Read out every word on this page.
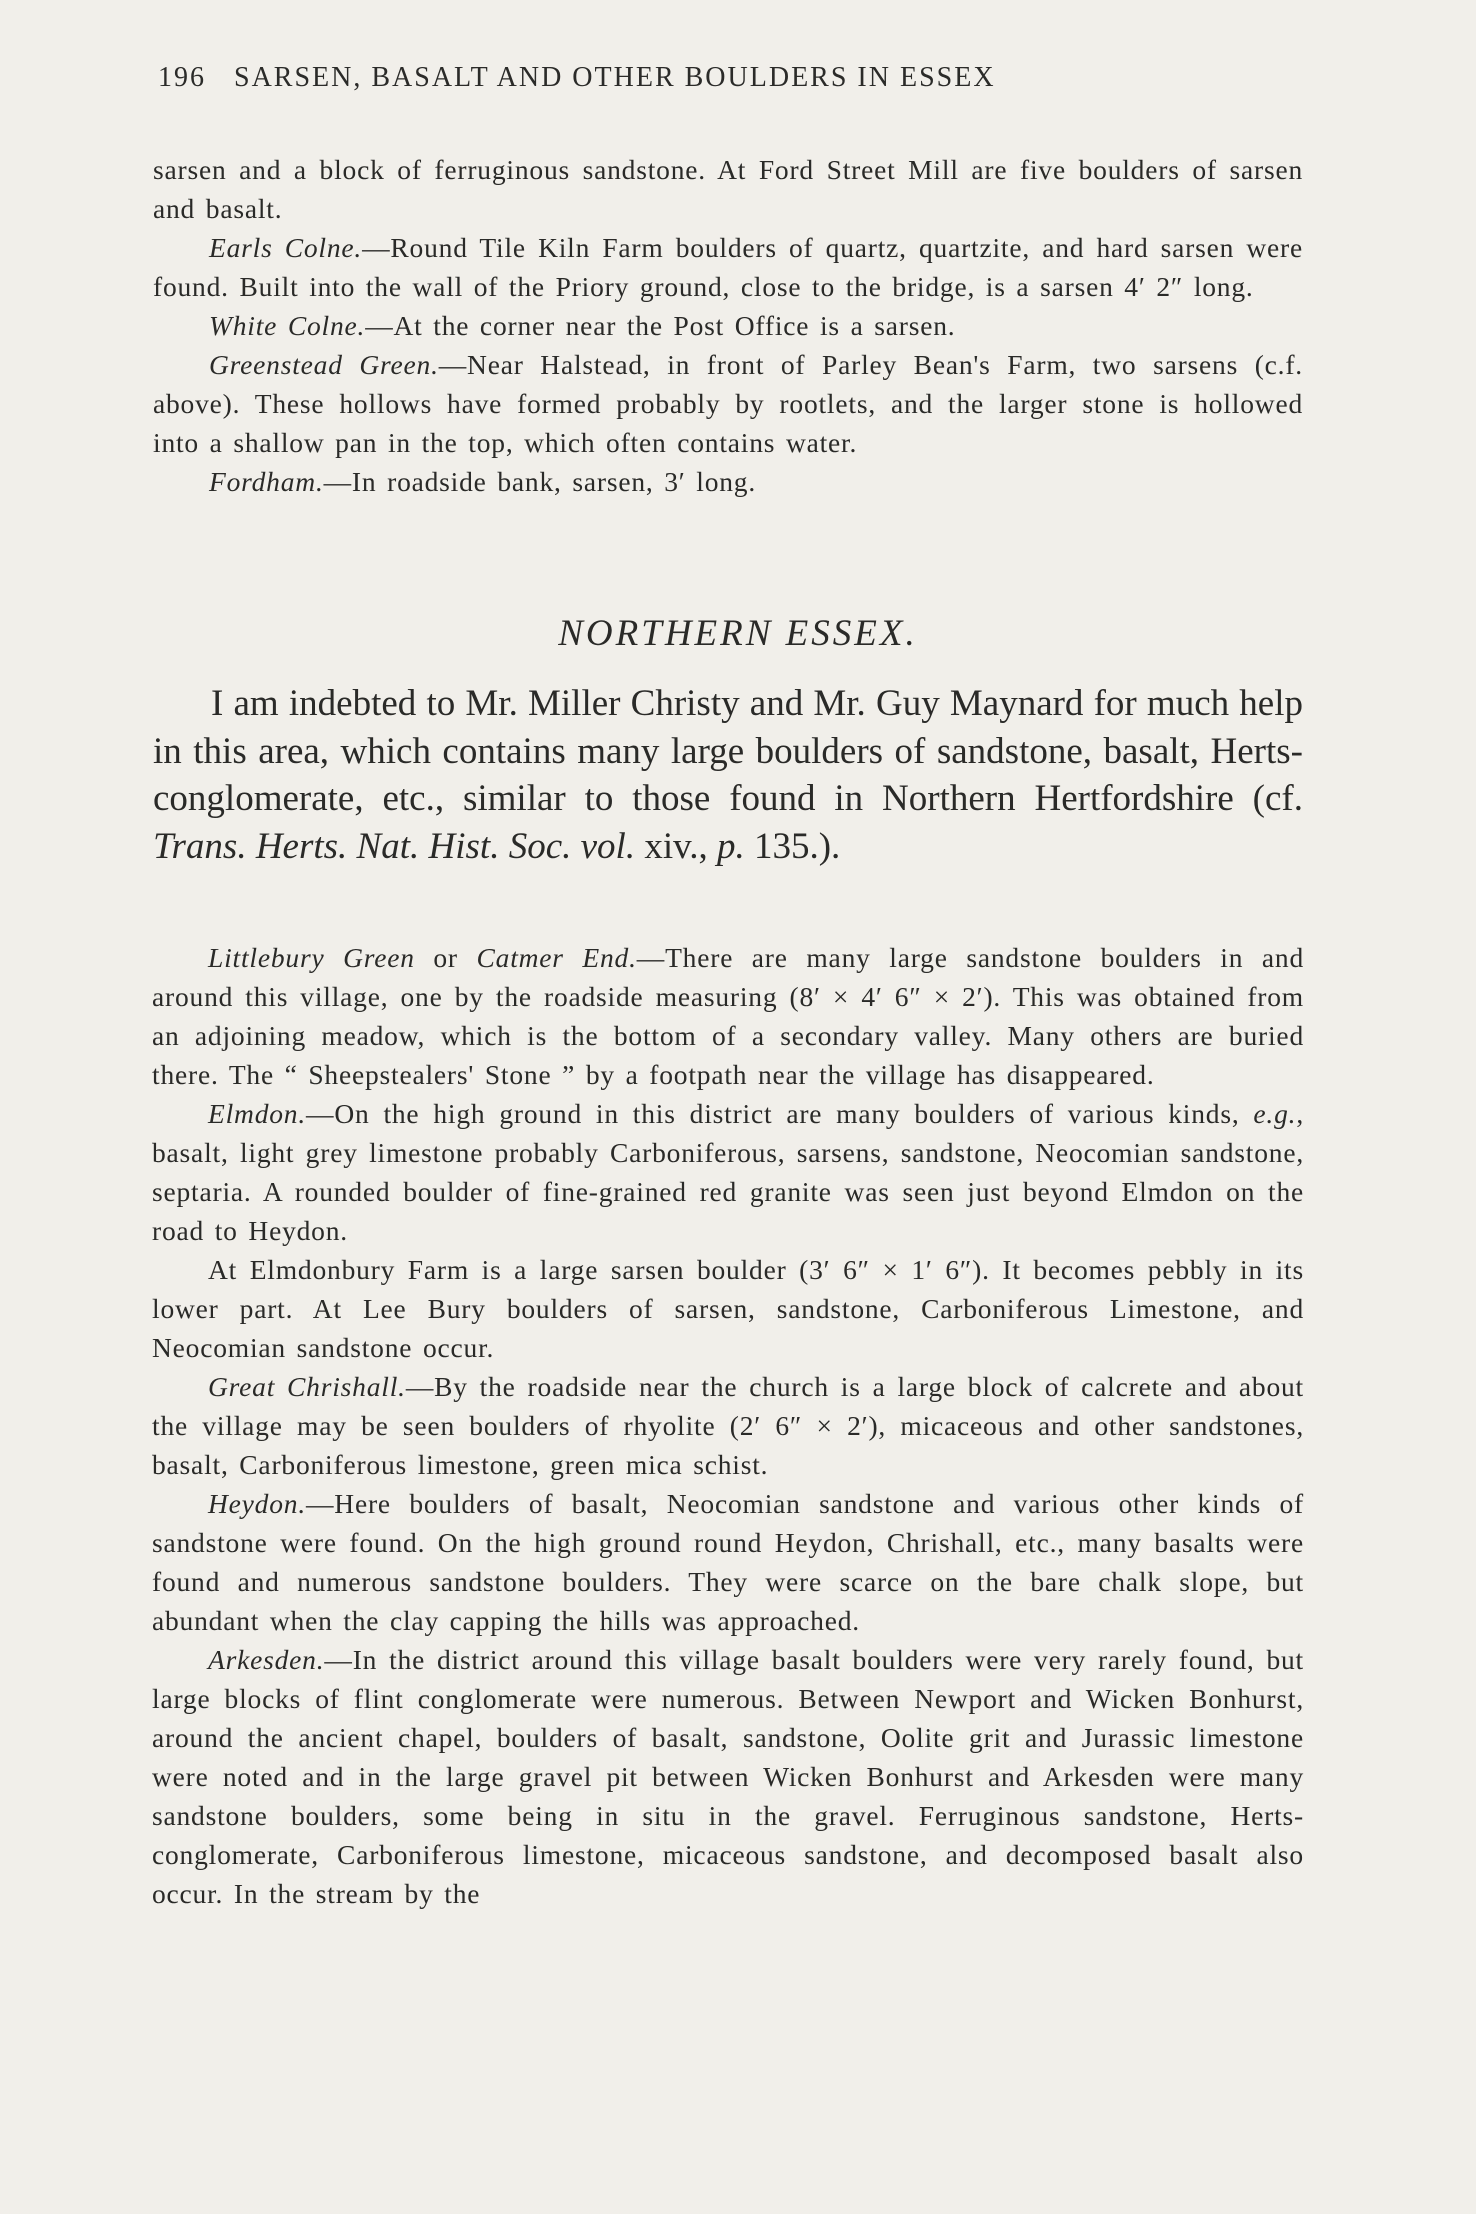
196 SARSEN, BASALT AND OTHER BOULDERS IN ESSEX

sarsen and a block of ferruginous sandstone. At Ford Street Mill are five boulders of sarsen and basalt.

Earls Colne.—Round Tile Kiln Farm boulders of quartz, quartzite, and hard sarsen were found. Built into the wall of the Priory ground, close to the bridge, is a sarsen 4′ 2″ long.

White Colne.—At the corner near the Post Office is a sarsen.

Greenstead Green.—Near Halstead, in front of Parley Bean's Farm, two sarsens (c.f. above). These hollows have formed probably by rootlets, and the larger stone is hollowed into a shallow pan in the top, which often contains water.

Fordham.—In roadside bank, sarsen, 3′ long.

NORTHERN ESSEX.

I am indebted to Mr. Miller Christy and Mr. Guy Maynard for much help in this area, which contains many large boulders of sandstone, basalt, Herts-conglomerate, etc., similar to those found in Northern Hertfordshire (cf. Trans. Herts. Nat. Hist. Soc. vol. xiv., p. 135.).

Littlebury Green or Catmer End.—There are many large sandstone boulders in and around this village, one by the roadside measuring (8′ × 4′ 6″ × 2′). This was obtained from an adjoining meadow, which is the bottom of a secondary valley. Many others are buried there. The “ Sheepstealers' Stone ” by a footpath near the village has disappeared.

Elmdon.—On the high ground in this district are many boulders of various kinds, e.g., basalt, light grey limestone probably Carboniferous, sarsens, sandstone, Neocomian sandstone, septaria. A rounded boulder of fine-grained red granite was seen just beyond Elmdon on the road to Heydon.

At Elmdonbury Farm is a large sarsen boulder (3′ 6″ × 1′ 6″). It becomes pebbly in its lower part. At Lee Bury boulders of sarsen, sandstone, Carboniferous Limestone, and Neocomian sandstone occur.

Great Chrishall.—By the roadside near the church is a large block of calcrete and about the village may be seen boulders of rhyolite (2′ 6″ × 2′), micaceous and other sandstones, basalt, Carboniferous limestone, green mica schist.

Heydon.—Here boulders of basalt, Neocomian sandstone and various other kinds of sandstone were found. On the high ground round Heydon, Chrishall, etc., many basalts were found and numerous sandstone boulders. They were scarce on the bare chalk slope, but abundant when the clay capping the hills was approached.

Arkesden.—In the district around this village basalt boulders were very rarely found, but large blocks of flint conglomerate were numerous. Between Newport and Wicken Bonhurst, around the ancient chapel, boulders of basalt, sandstone, Oolite grit and Jurassic limestone were noted and in the large gravel pit between Wicken Bonhurst and Arkesden were many sandstone boulders, some being in situ in the gravel. Ferruginous sandstone, Herts-conglomerate, Carboniferous limestone, micaceous sandstone, and decomposed basalt also occur. In the stream by the
